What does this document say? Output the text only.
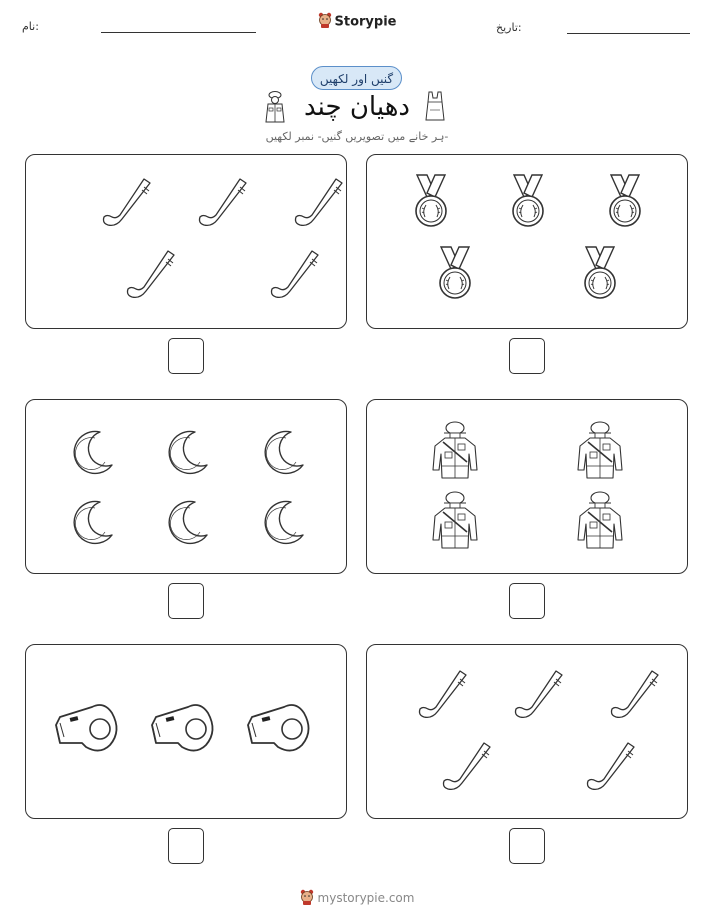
نام:	Storypie	تاریخ:
گنیں اور لکھیں
دھیان چند
ہر خانے میں تصویریں گنیں- نمبر لکھیں-
mystorypie.com
